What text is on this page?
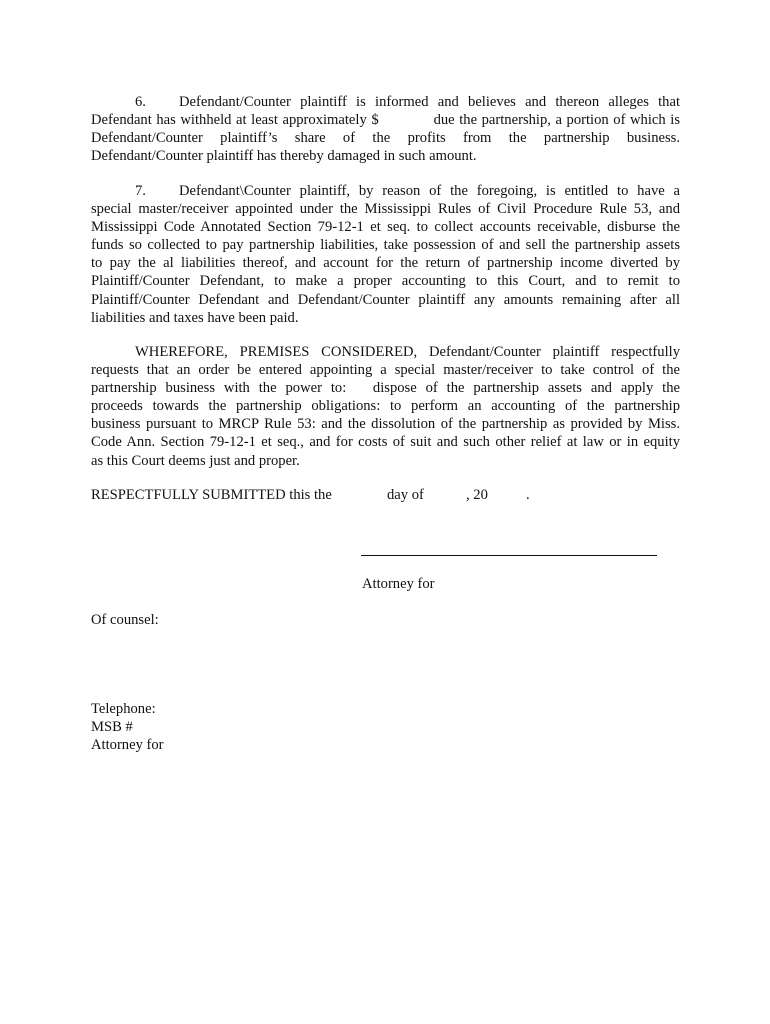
6. Defendant/Counter plaintiff is informed and believes and thereon alleges that
Defendant has withheld at least approximately $            due the partnership, a portion of which is
Defendant/Counter plaintiff’s share of the profits from the partnership business.
Defendant/Counter plaintiff has thereby damaged in such amount.
7. Defendant\Counter plaintiff, by reason of the foregoing, is entitled to have a
special master/receiver appointed under the Mississippi Rules of Civil Procedure Rule 53, and
Mississippi Code Annotated Section 79-12-1 et seq. to collect accounts receivable, disburse the
funds so collected to pay partnership liabilities, take possession of and sell the partnership assets
to pay the al liabilities thereof, and account for the return of partnership income diverted by
Plaintiff/Counter Defendant, to make a proper accounting to this Court, and to remit to
Plaintiff/Counter Defendant and Defendant/Counter plaintiff any amounts remaining after all
liabilities and taxes have been paid.
WHEREFORE, PREMISES CONSIDERED, Defendant/Counter plaintiff respectfully
requests that an order be entered appointing a special master/receiver to take control of the
partnership business with the power to:   dispose of the partnership assets and apply the
proceeds towards the partnership obligations: to perform an accounting of the partnership
business pursuant to MRCP Rule 53: and the dissolution of the partnership as provided by Miss.
Code Ann. Section 79-12-1 et seq., and for costs of suit and such other relief at law or in equity
as this Court deems just and proper.
RESPECTFULLY SUBMITTED this the	day of	, 20	.
Attorney for
Of counsel:
Telephone:
MSB #
Attorney for
